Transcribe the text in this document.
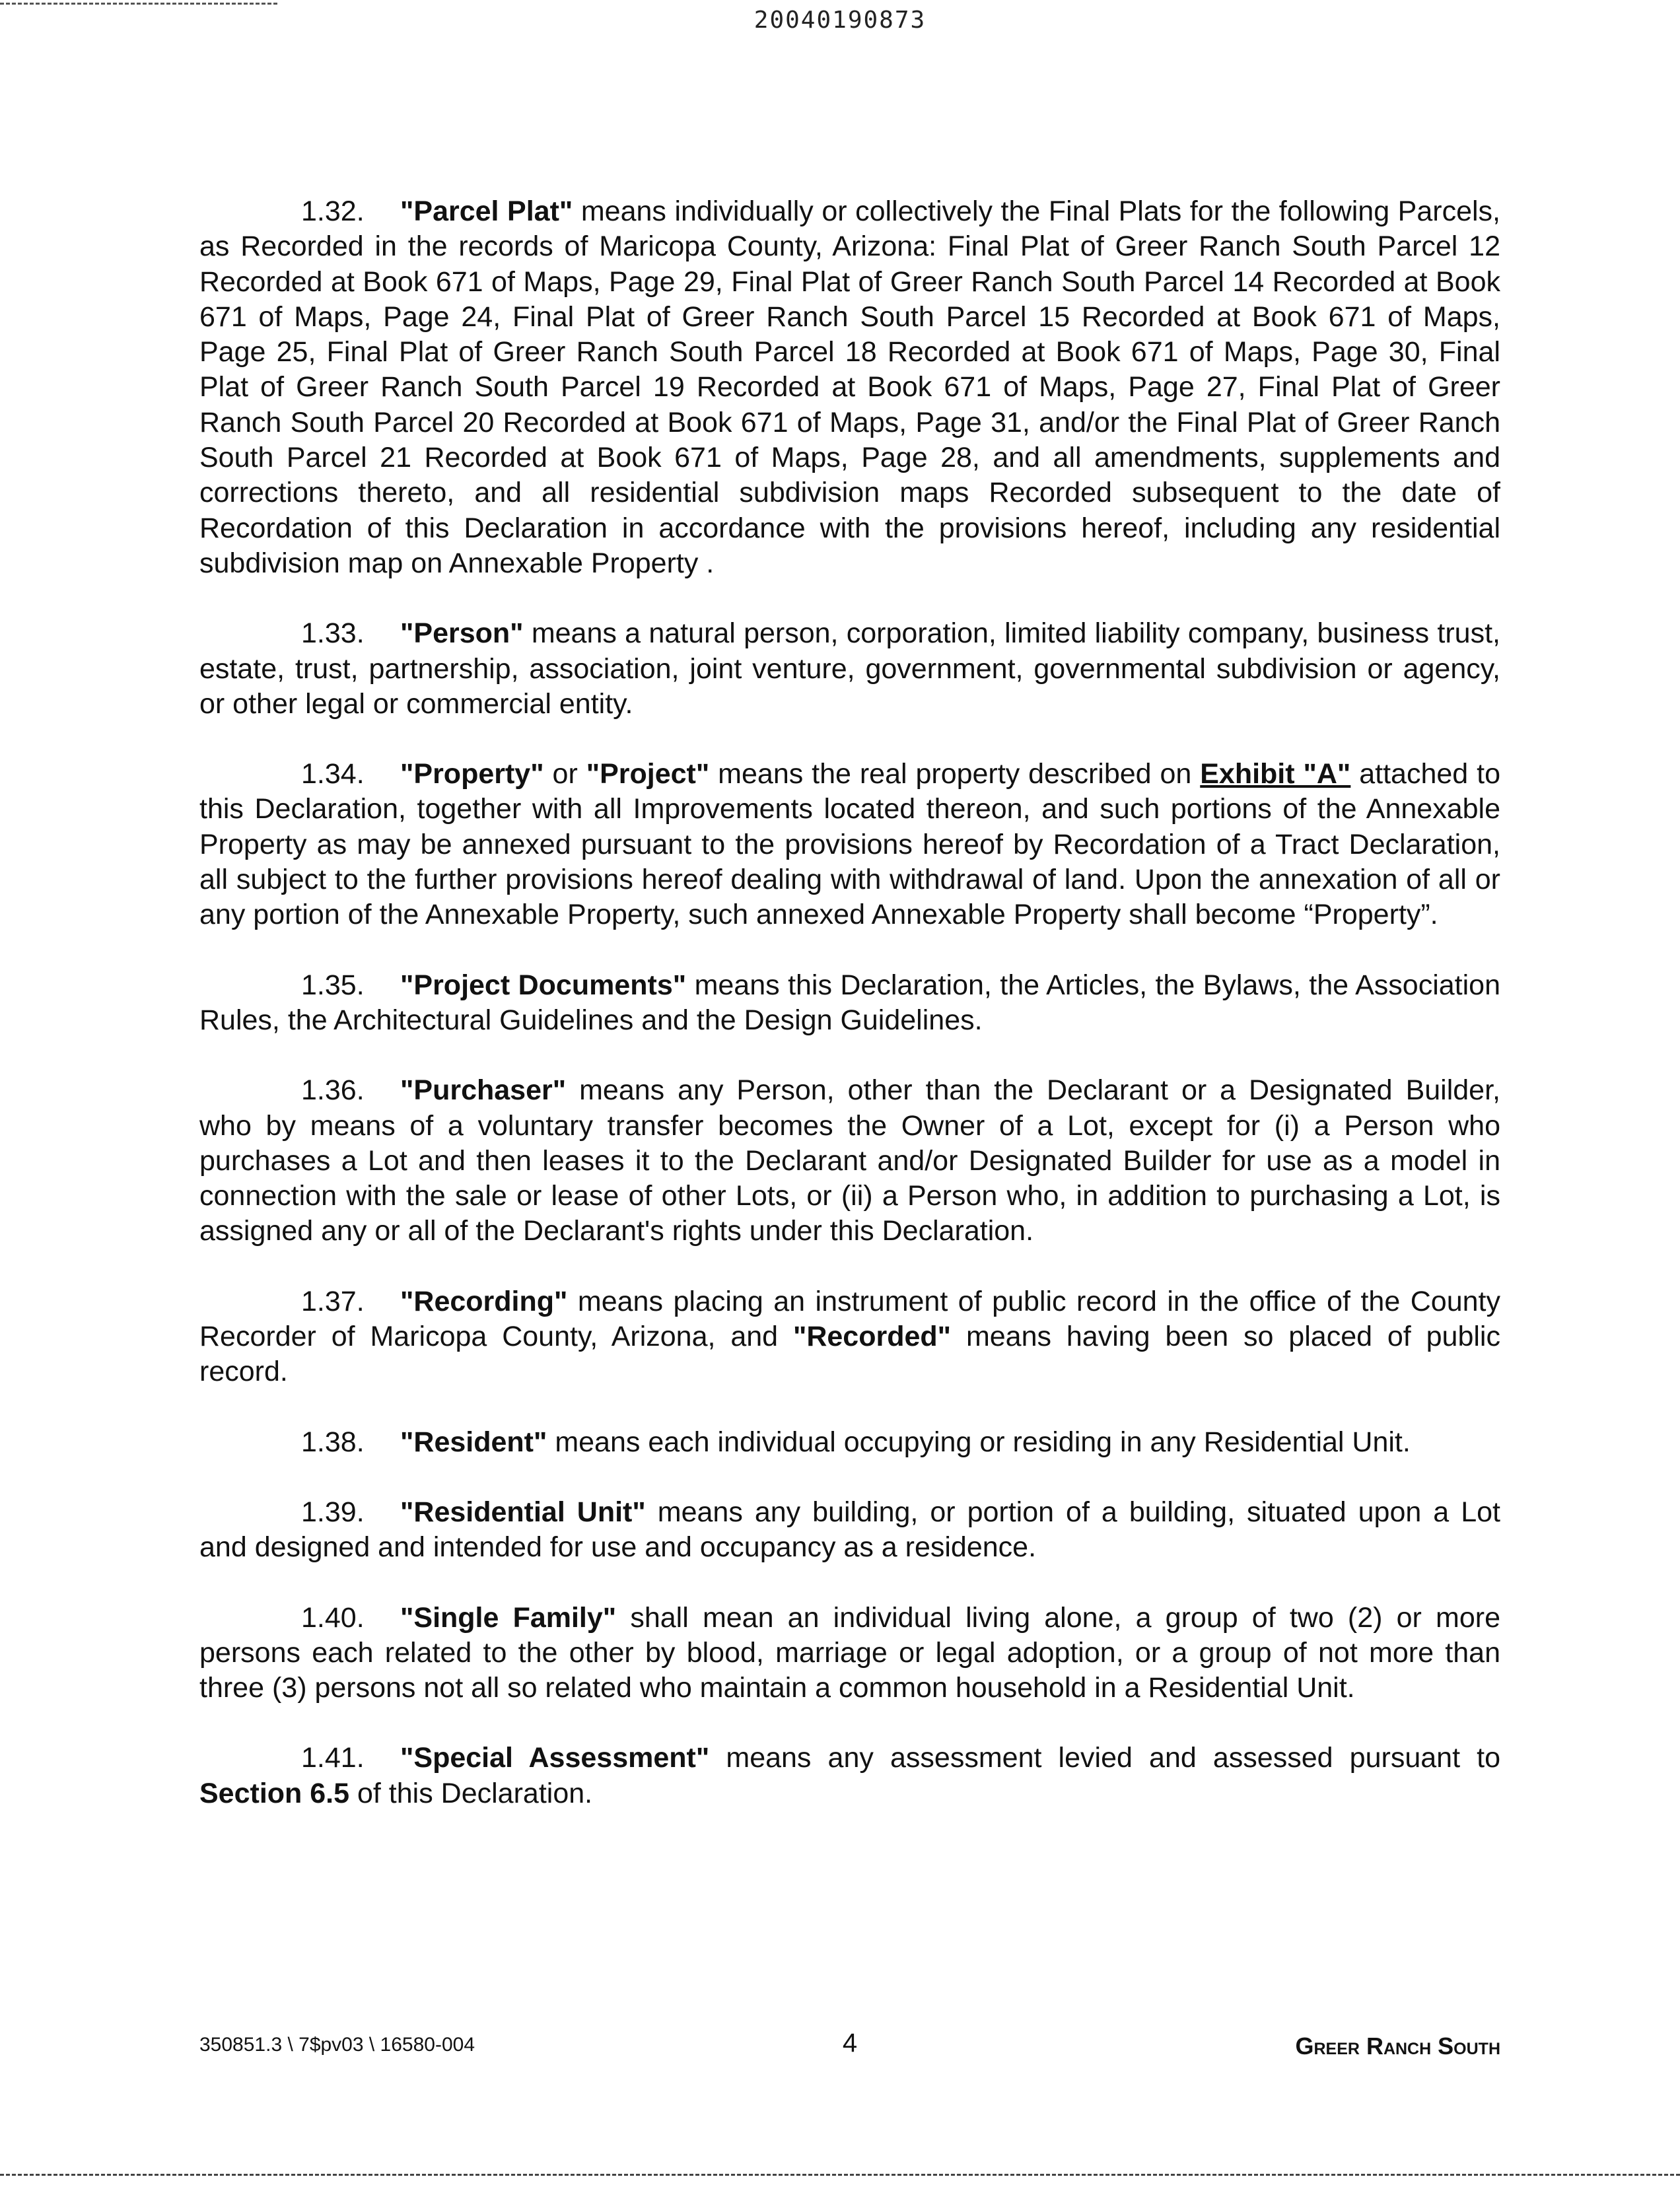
20040190873

1.32. "Parcel Plat" means individually or collectively the Final Plats for the following Parcels, as Recorded in the records of Maricopa County, Arizona: Final Plat of Greer Ranch South Parcel 12 Recorded at Book 671 of Maps, Page 29, Final Plat of Greer Ranch South Parcel 14 Recorded at Book 671 of Maps, Page 24, Final Plat of Greer Ranch South Parcel 15 Recorded at Book 671 of Maps, Page 25, Final Plat of Greer Ranch South Parcel 18 Recorded at Book 671 of Maps, Page 30, Final Plat of Greer Ranch South Parcel 19 Recorded at Book 671 of Maps, Page 27, Final Plat of Greer Ranch South Parcel 20 Recorded at Book 671 of Maps, Page 31, and/or the Final Plat of Greer Ranch South Parcel 21 Recorded at Book 671 of Maps, Page 28, and all amendments, supplements and corrections thereto, and all residential subdivision maps Recorded subsequent to the date of Recordation of this Declaration in accordance with the provisions hereof, including any residential subdivision map on Annexable Property .

1.33. "Person" means a natural person, corporation, limited liability company, business trust, estate, trust, partnership, association, joint venture, government, governmental subdivision or agency, or other legal or commercial entity.

1.34. "Property" or "Project" means the real property described on Exhibit "A" attached to this Declaration, together with all Improvements located thereon, and such portions of the Annexable Property as may be annexed pursuant to the provisions hereof by Recordation of a Tract Declaration, all subject to the further provisions hereof dealing with withdrawal of land. Upon the annexation of all or any portion of the Annexable Property, such annexed Annexable Property shall become “Property”.

1.35. "Project Documents" means this Declaration, the Articles, the Bylaws, the Association Rules, the Architectural Guidelines and the Design Guidelines.

1.36. "Purchaser" means any Person, other than the Declarant or a Designated Builder, who by means of a voluntary transfer becomes the Owner of a Lot, except for (i) a Person who purchases a Lot and then leases it to the Declarant and/or Designated Builder for use as a model in connection with the sale or lease of other Lots, or (ii) a Person who, in addition to purchasing a Lot, is assigned any or all of the Declarant's rights under this Declaration.

1.37. "Recording" means placing an instrument of public record in the office of the County Recorder of Maricopa County, Arizona, and "Recorded" means having been so placed of public record.

1.38. "Resident" means each individual occupying or residing in any Residential Unit.

1.39. "Residential Unit" means any building, or portion of a building, situated upon a Lot and designed and intended for use and occupancy as a residence.

1.40. "Single Family" shall mean an individual living alone, a group of two (2) or more persons each related to the other by blood, marriage or legal adoption, or a group of not more than three (3) persons not all so related who maintain a common household in a Residential Unit.

1.41. "Special Assessment" means any assessment levied and assessed pursuant to Section 6.5 of this Declaration.

350851.3 \ 7$pv03 \ 16580-004	4	Greer Ranch South
